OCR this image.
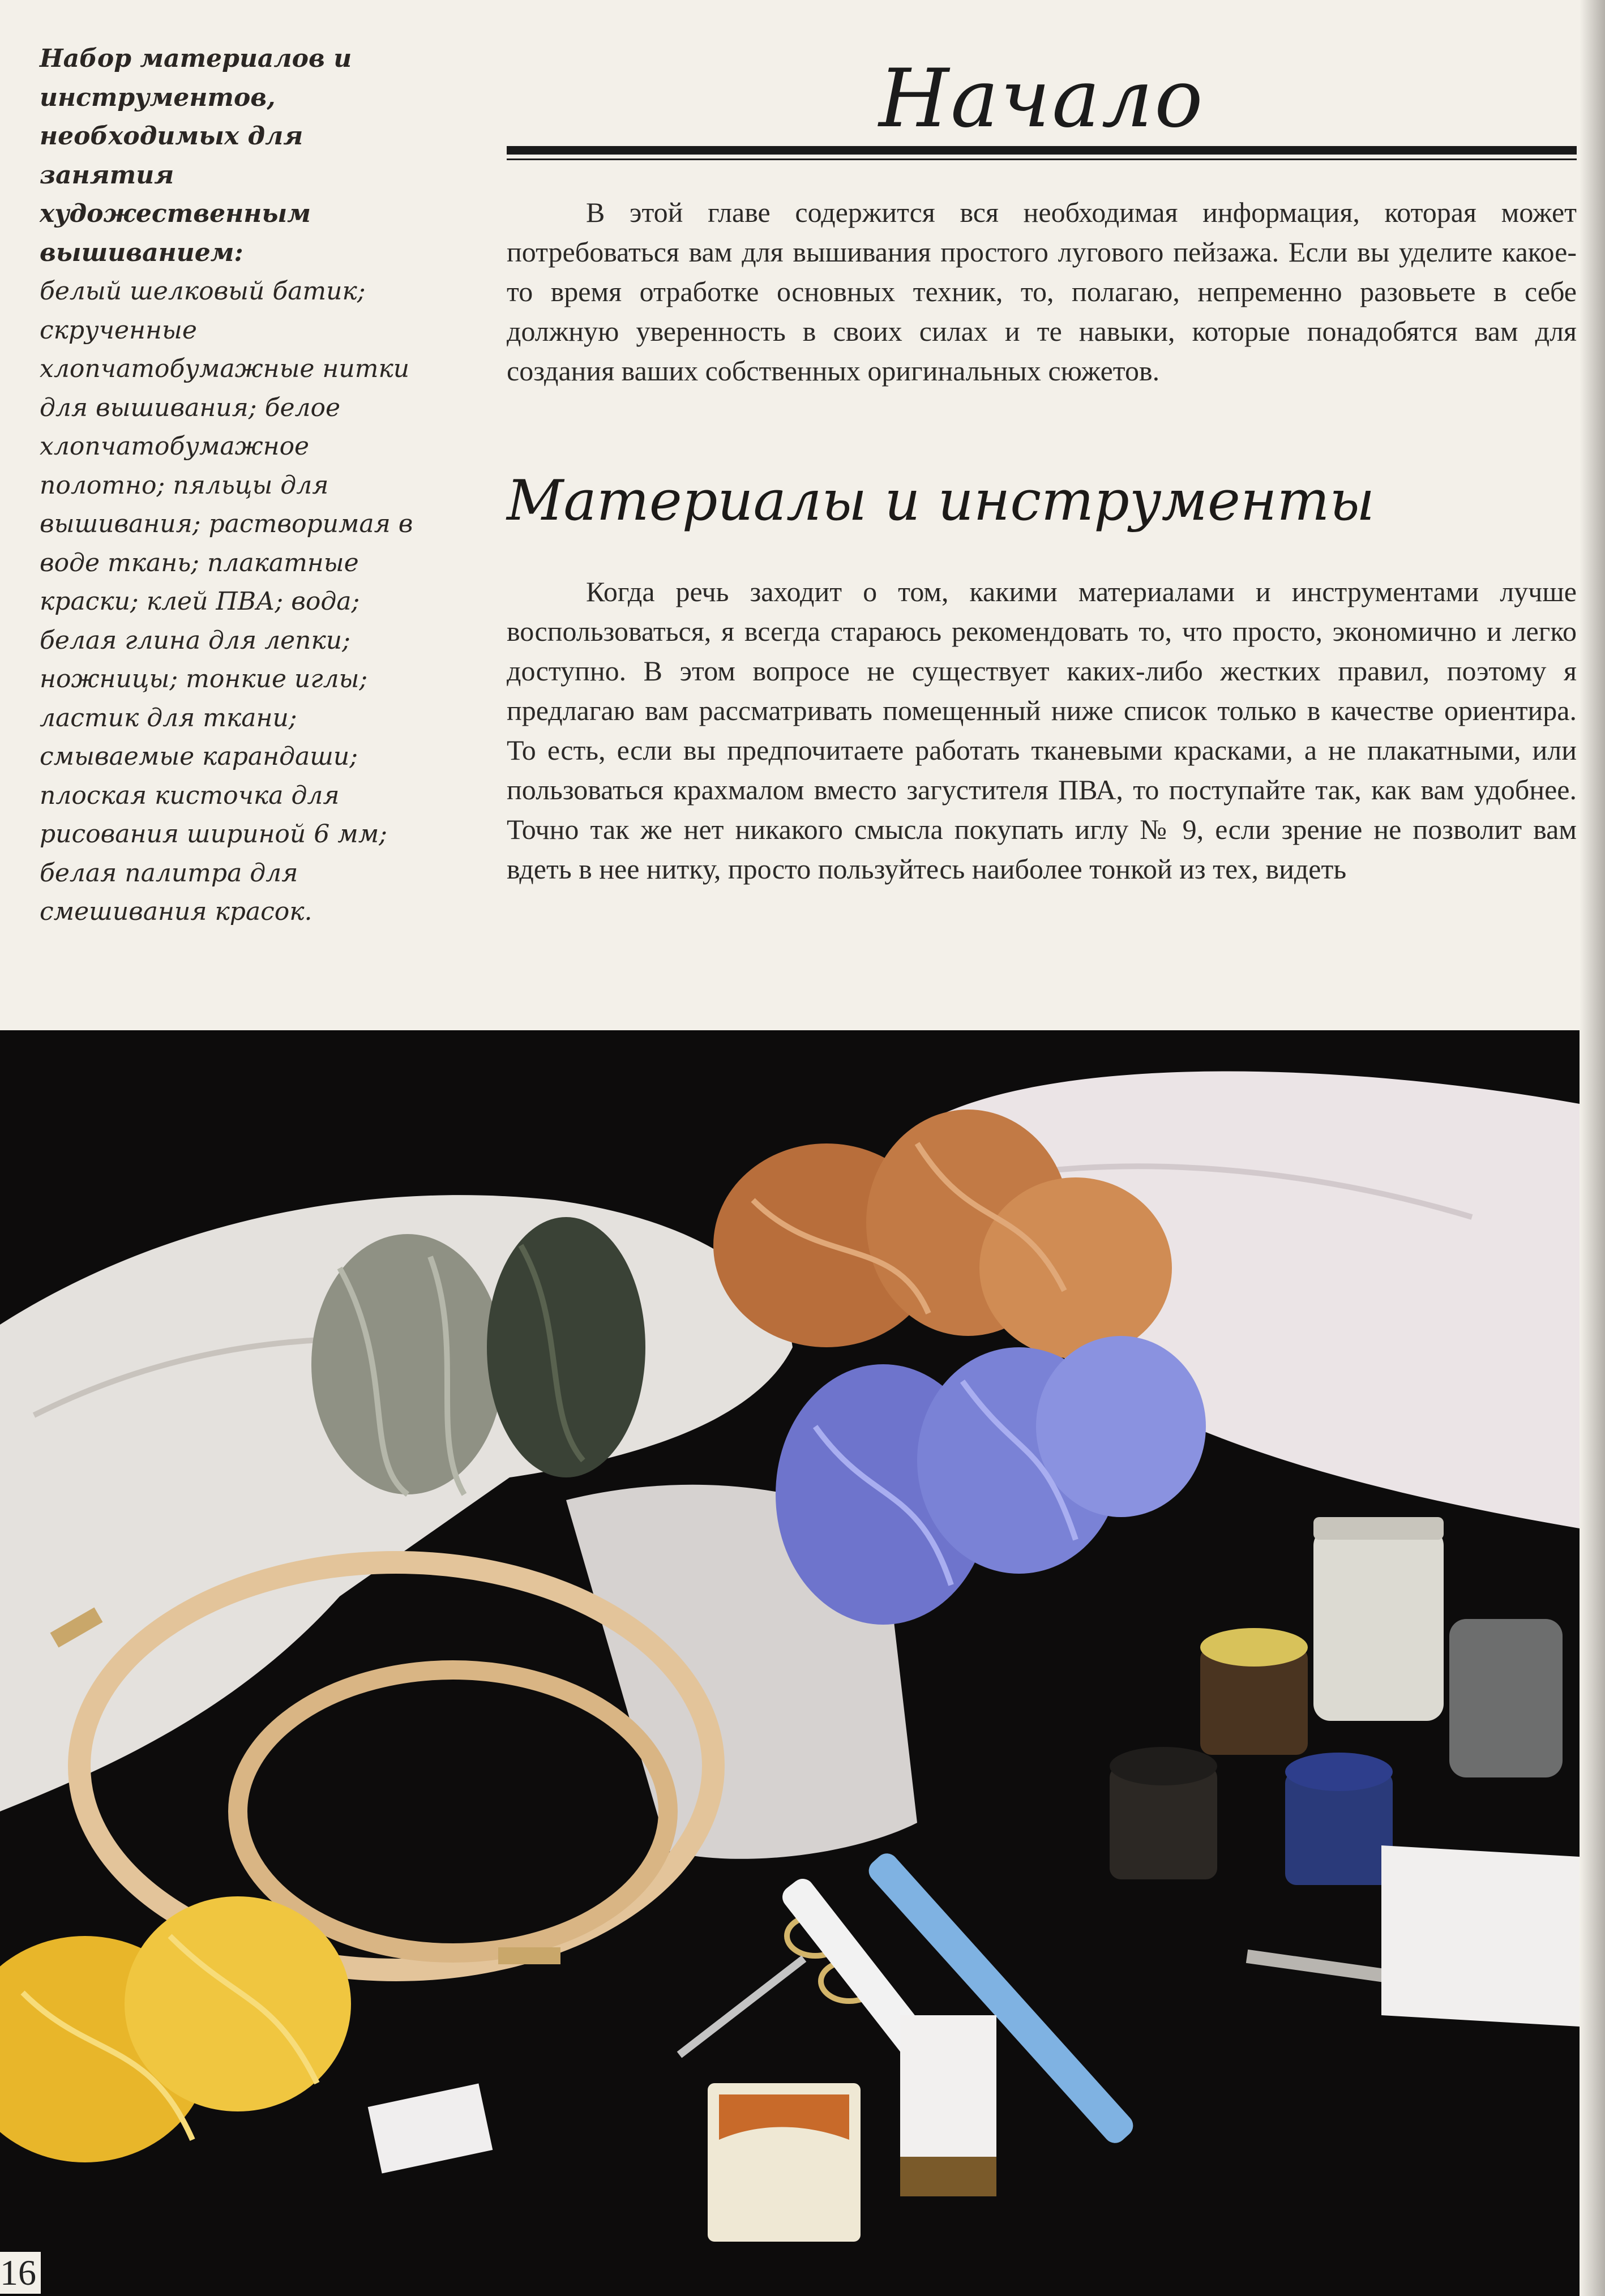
Набор материалов и инструментов, необходимых для занятия художественным вышиванием:

белый шелковый батик; скрученные хлопчатобумажные нитки для вышивания; белое хлопчатобумажное полотно; пяльцы для вышивания; растворимая в воде ткань; плакатные краски; клей ПВА; вода; белая глина для лепки; ножницы; тонкие иглы; ластик для ткани; смываемые карандаши; плоская кисточка для рисования шириной 6 мм; белая палитра для смешивания красок.

Начало

В этой главе содержится вся необходимая информация, которая может потребоваться вам для вышивания простого лугового пейзажа. Если вы уделите какое-то время отработке основных техник, то, полагаю, непременно разовьете в себе должную уверенность в своих силах и те навыки, которые понадобятся вам для создания ваших собственных оригинальных сюжетов.

Материалы и инструменты

Когда речь заходит о том, какими материалами и инструментами лучше воспользоваться, я всегда стараюсь рекомендовать то, что просто, экономично и легко доступно. В этом вопросе не существует каких-либо жестких правил, поэтому я предлагаю вам рассматривать помещенный ниже список только в качестве ориентира. То есть, если вы предпочитаете работать тканевыми красками, а не плакатными, или пользоваться крахмалом вместо загустителя ПВА, то поступайте так, как вам удобнее. Точно так же нет никакого смысла покупать иглу № 9, если зрение не позволит вам вдеть в нее нитку, просто пользуйтесь наиболее тонкой из тех, видеть

16
